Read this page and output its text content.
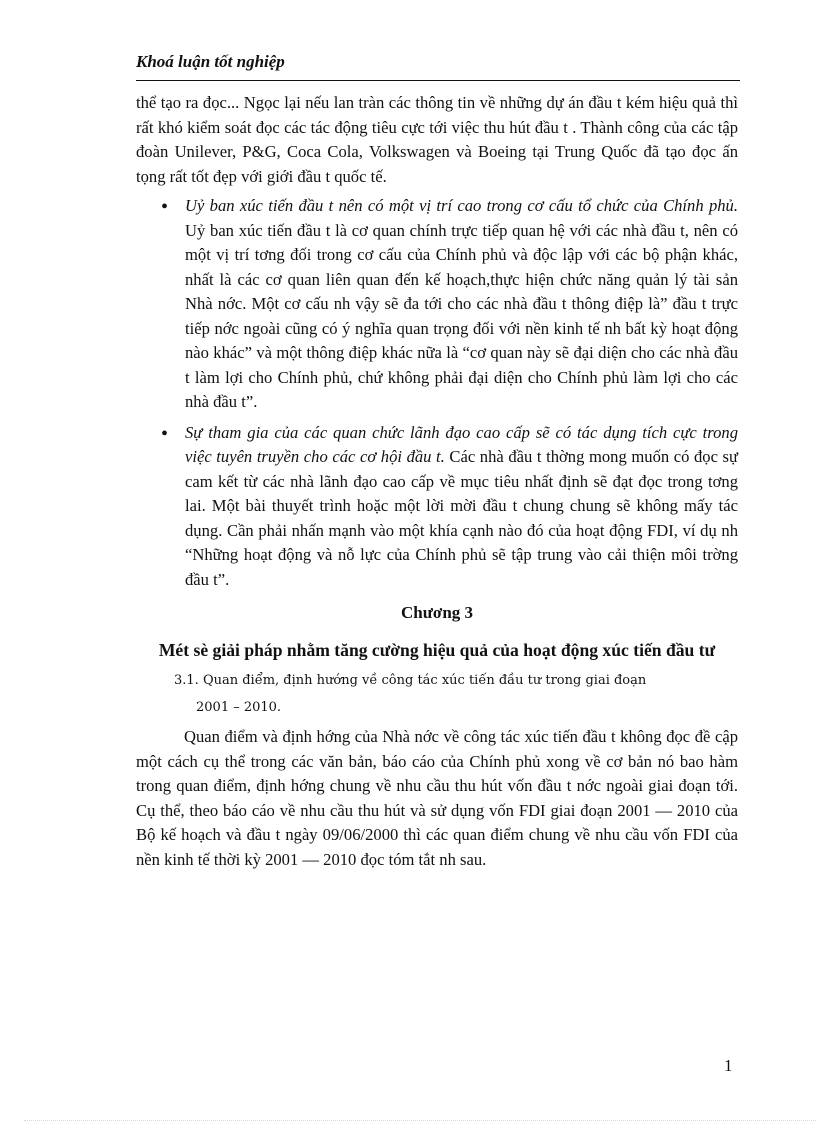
Khoá luận tốt nghiệp

thể tạo ra đọc... Ngọc lại nếu lan tràn các thông tin về những dự án đầu t kém hiệu quả thì rất khó kiểm soát đọc các tác động tiêu cực tới việc thu hút đầu t . Thành công của các tập đoàn Unilever, P&G, Coca Cola, Volkswagen và Boeing tại Trung Quốc đã tạo đọc ấn tọng rất tốt đẹp với giới đầu t quốc tế.

• Uỷ ban xúc tiến đầu t nên có một vị trí cao trong cơ cấu tổ chức của Chính phủ. Uỷ ban xúc tiến đầu t là cơ quan chính trực tiếp quan hệ với các nhà đầu t, nên có một vị trí tơng đối trong cơ cấu của Chính phủ và độc lập với các bộ phận khác, nhất là các cơ quan liên quan đến kế hoạch,thực hiện chức năng quản lý tài sản Nhà nớc. Một cơ cấu nh vậy sẽ đa tới cho các nhà đầu t thông điệp là” đầu t trực tiếp nớc ngoài cũng có ý nghĩa quan trọng đối với nền kinh tế nh bất kỳ hoạt động nào khác” và một thông điệp khác nữa là “cơ quan này sẽ đại diện cho các nhà đầu t làm lợi cho Chính phủ, chứ không phải đại diện cho Chính phủ làm lợi cho các nhà đầu t”.
• Sự tham gia của các quan chức lãnh đạo cao cấp sẽ có tác dụng tích cực trong việc tuyên truyền cho các cơ hội đầu t. Các nhà đầu t thờng mong muốn có đọc sự cam kết từ các nhà lãnh đạo cao cấp về mục tiêu nhất định sẽ đạt đọc trong tơng lai. Một bài thuyết trình hoặc một lời mời đầu t chung chung sẽ không mấy tác dụng. Cần phải nhấn mạnh vào một khía cạnh nào đó của hoạt động FDI, ví dụ nh “Những hoạt động và nỗ lực của Chính phủ sẽ tập trung vào cải thiện môi trờng đầu t”.
Chương 3
Mét sè giải pháp nhằm tăng cường hiệu quả của hoạt động xúc tiến đầu tư

3.1. Quan điểm, định hướng về công tác xúc tiến đầu tư trong giai đoạn
2001 – 2010.

Quan điểm và định hớng của Nhà nớc về công tác xúc tiến đầu t không đọc đề cập một cách cụ thể trong các văn bản, báo cáo của Chính phủ xong về cơ bản nó bao hàm trong quan điểm, định hớng chung về nhu cầu thu hút vốn đầu t nớc ngoài giai đoạn tới. Cụ thể, theo báo cáo về nhu cầu thu hút và sử dụng vốn FDI giai đoạn 2001 — 2010 của Bộ kế hoạch và đầu t ngày 09/06/2000 thì các quan điểm chung về nhu cầu vốn FDI của nền kinh tế thời kỳ 2001 — 2010 đọc tóm tắt nh sau.

1
